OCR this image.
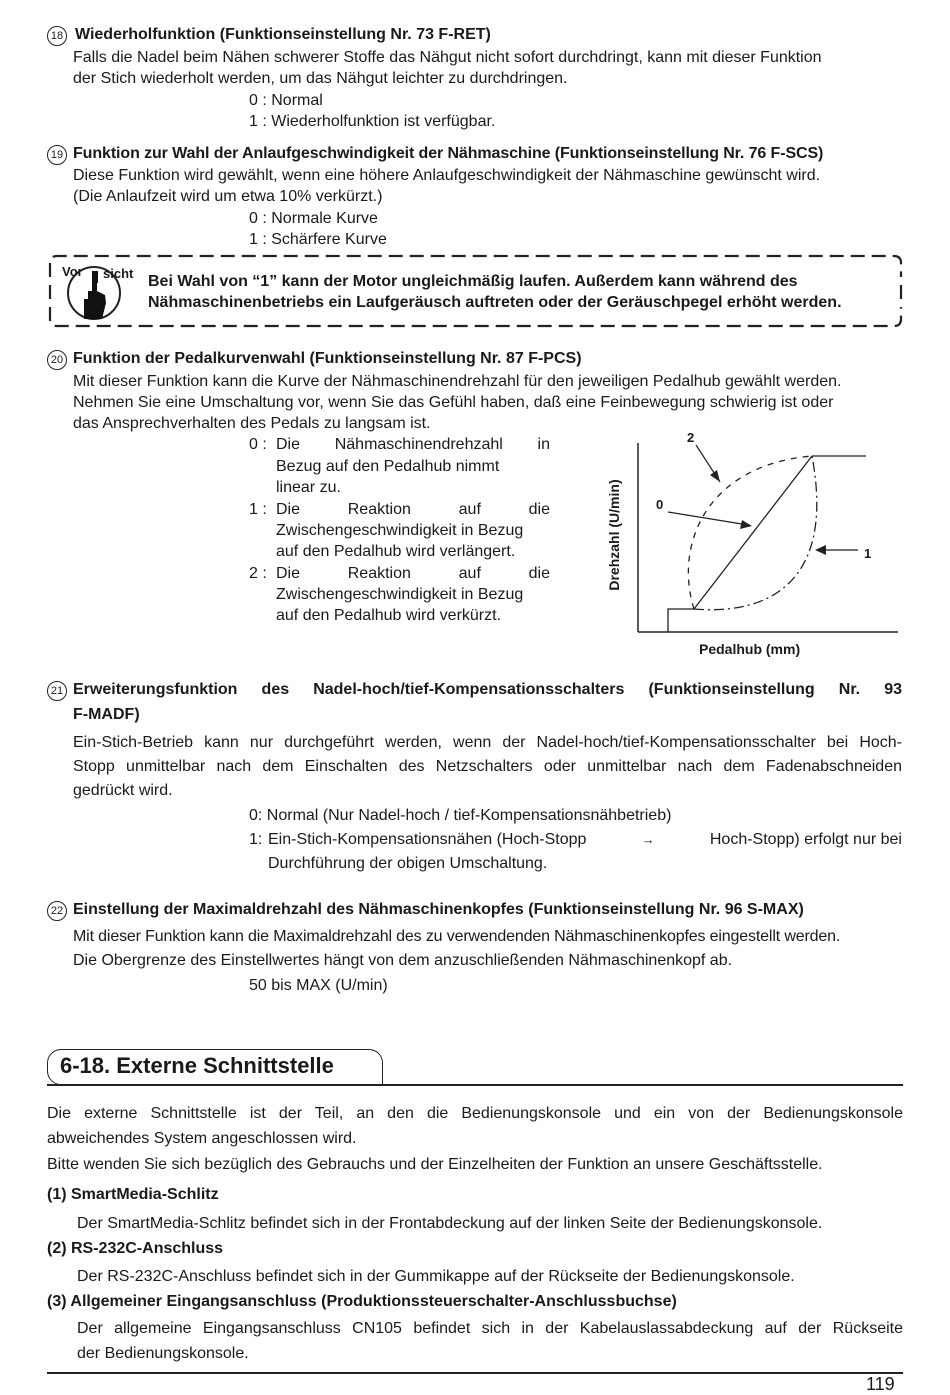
18 Wiederholfunktion (Funktionseinstellung Nr. 73 F-RET)
Falls die Nadel beim Nähen schwerer Stoffe das Nähgut nicht sofort durchdringt, kann mit dieser Funktion
der Stich wiederholt werden, um das Nähgut leichter zu durchdringen.
0 : Normal
1 : Wiederholfunktion ist verfügbar.
19 Funktion zur Wahl der Anlaufgeschwindigkeit der Nähmaschine (Funktionseinstellung Nr. 76 F-SCS)
Diese Funktion wird gewählt, wenn eine höhere Anlaufgeschwindigkeit der Nähmaschine gewünscht wird.
(Die Anlaufzeit wird um etwa 10% verkürzt.)
0 : Normale Kurve
1 : Schärfere Kurve
Vor sicht Bei Wahl von “1” kann der Motor ungleichmäßig laufen. Außerdem kann während des
Nähmaschinenbetriebs ein Laufgeräusch auftreten oder der Geräuschpegel erhöht werden.
20 Funktion der Pedalkurvenwahl (Funktionseinstellung Nr. 87 F-PCS)
Mit dieser Funktion kann die Kurve der Nähmaschinendrehzahl für den jeweiligen Pedalhub gewählt werden.
Nehmen Sie eine Umschaltung vor, wenn Sie das Gefühl haben, daß eine Feinbewegung schwierig ist oder
das Ansprechverhalten des Pedals zu langsam ist.
0 : Die Nähmaschinendrehzahl in
Bezug auf den Pedalhub nimmt
linear zu.
1 : Die Reaktion auf die
Zwischengeschwindigkeit in Bezug
auf den Pedalhub wird verlängert.
2 : Die Reaktion auf die
Zwischengeschwindigkeit in Bezug
auf den Pedalhub wird verkürzt.
2
0
1
Drehzahl (U/min)
Pedalhub (mm)
21 Erweiterungsfunktion des Nadel-hoch/tief-Kompensationsschalters (Funktionseinstellung Nr. 93
F-MADF)
Ein-Stich-Betrieb kann nur durchgeführt werden, wenn der Nadel-hoch/tief-Kompensationsschalter bei Hoch-
Stopp unmittelbar nach dem Einschalten des Netzschalters oder unmittelbar nach dem Fadenabschneiden
gedrückt wird.
0: Normal (Nur Nadel-hoch / tief-Kompensationsnähbetrieb)
1: Ein-Stich-Kompensationsnähen (Hoch-Stopp	→	Hoch-Stopp) erfolgt nur bei
Durchführung der obigen Umschaltung.
22 Einstellung der Maximaldrehzahl des Nähmaschinenkopfes (Funktionseinstellung Nr. 96 S-MAX)
Mit dieser Funktion kann die Maximaldrehzahl des zu verwendenden Nähmaschinenkopfes eingestellt werden.
Die Obergrenze des Einstellwertes hängt von dem anzuschließenden Nähmaschinenkopf ab.
50 bis MAX (U/min)
6-18. Externe Schnittstelle
Die externe Schnittstelle ist der Teil, an den die Bedienungskonsole und ein von der Bedienungskonsole
abweichendes System angeschlossen wird.
Bitte wenden Sie sich bezüglich des Gebrauchs und der Einzelheiten der Funktion an unsere Geschäftsstelle.
(1) SmartMedia-Schlitz
Der SmartMedia-Schlitz befindet sich in der Frontabdeckung auf der linken Seite der Bedienungskonsole.
(2) RS-232C-Anschluss
Der RS-232C-Anschluss befindet sich in der Gummikappe auf der Rückseite der Bedienungskonsole.
(3) Allgemeiner Eingangsanschluss (Produktionssteuerschalter-Anschlussbuchse)
Der allgemeine Eingangsanschluss CN105 befindet sich in der Kabelauslassabdeckung auf der Rückseite
der Bedienungskonsole.
119
